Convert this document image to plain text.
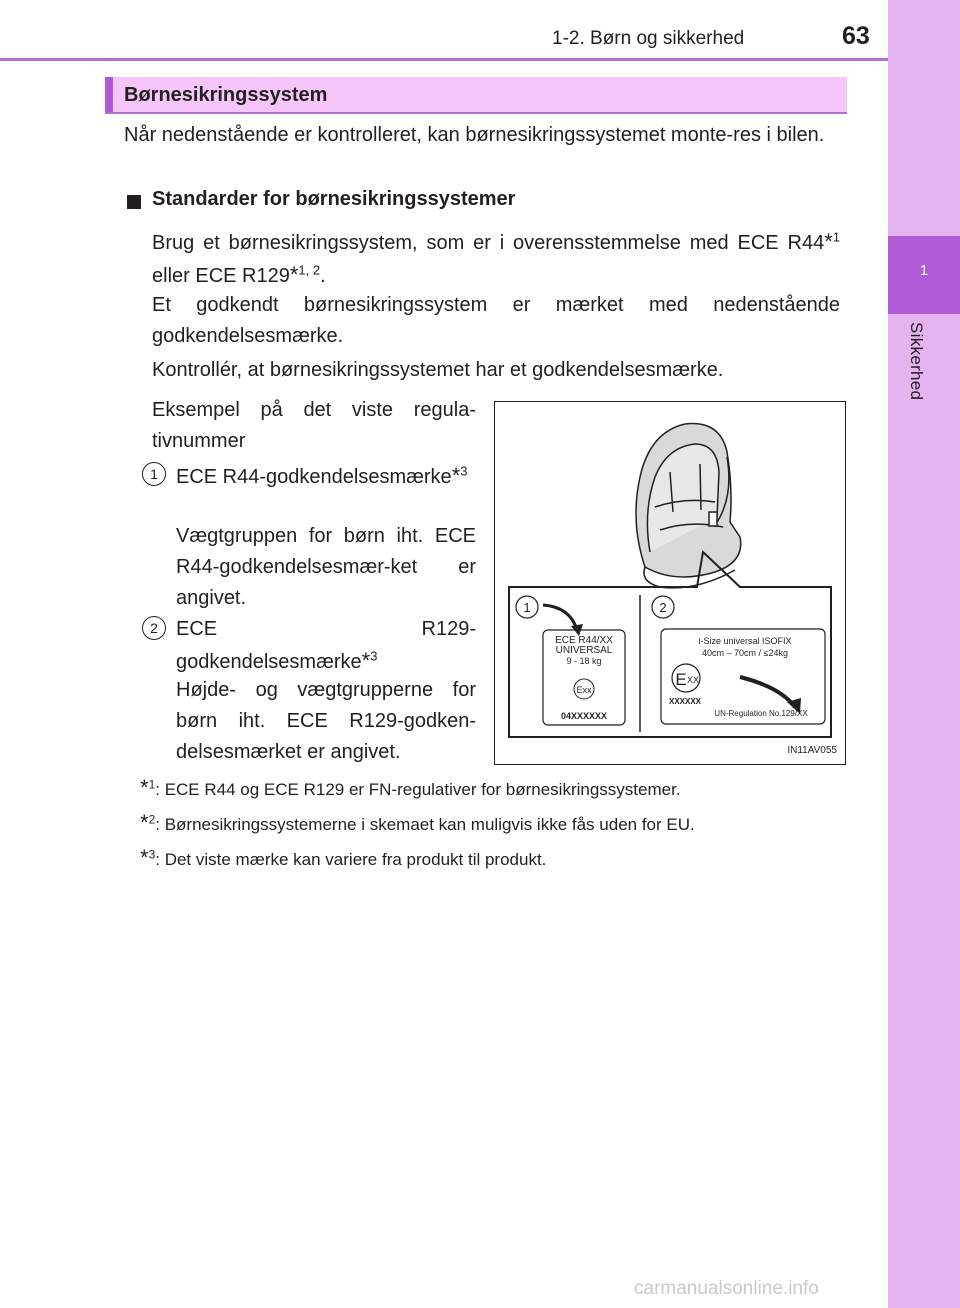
1-2. Børn og sikkerhed	63
1
Sikkerhed
Børnesikringssystem
Når nedenstående er kontrolleret, kan børnesikringssystemet monte-res i bilen.
Standarder for børnesikringssystemer
Brug et børnesikringssystem, som er i overensstemmelse med ECE R44*$^1$ eller ECE R129*$^{1, 2}$.
Et godkendt børnesikringssystem er mærket med nedenstående godkendelsesmærke.
Kontrollér, at børnesikringssystemet har et godkendelsesmærke.
Eksempel på det viste regula-tivnummer
1 ECE R44-godkendelsesmærke*$^3$
Vægtgruppen for børn iht. ECE R44-godkendelsesmær-ket er angivet.
2 ECE R129-godkendelsesmærke*$^3$
Højde- og vægtgrupperne for børn iht. ECE R129-godken-delsesmærket er angivet.
1	2
ECE R44/XX
UNIVERSAL
9 - 18 kg
Exx
04XXXXXX
i-Size universal ISOFIX
40cm – 70cm / ≤24kg
E XX
XXXXXX
UN-Regulation No.129/XX
IN11AV055
*$^1$: ECE R44 og ECE R129 er FN-regulativer for børnesikringssystemer.
*$^2$: Børnesikringssystemerne i skemaet kan muligvis ikke fås uden for EU.
*$^3$: Det viste mærke kan variere fra produkt til produkt.
carmanualsonline.info
